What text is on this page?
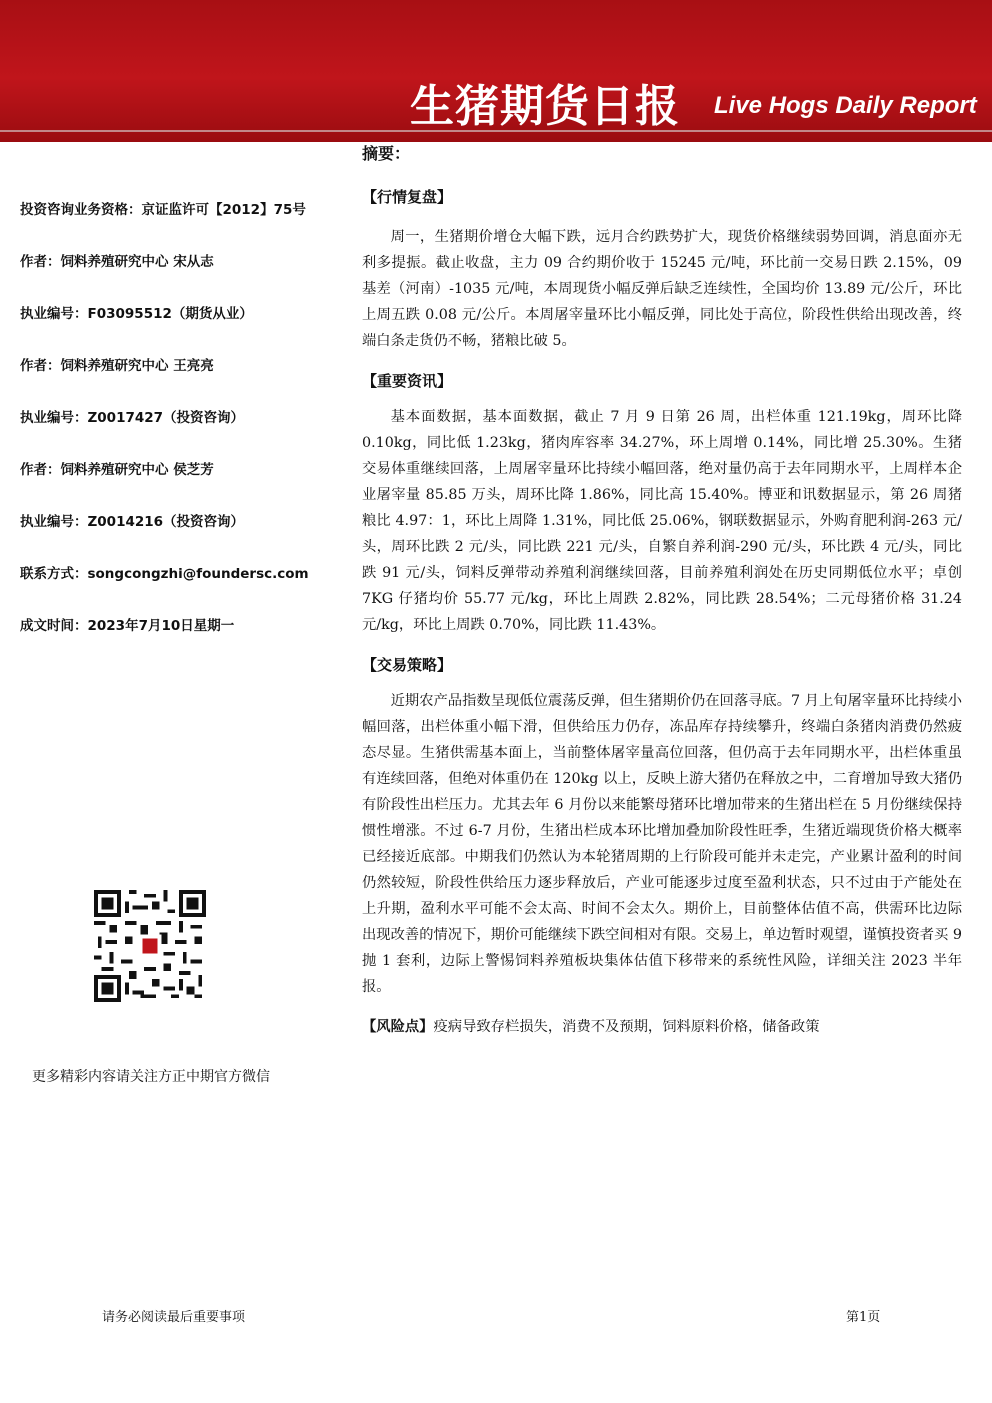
生猪期货日报 Live Hogs Daily Report
投资咨询业务资格：京证监许可【2012】75号
作者：饲料养殖研究中心 宋从志
执业编号：F03095512（期货从业）
作者：饲料养殖研究中心 王亮亮
执业编号：Z0017427（投资咨询）
作者：饲料养殖研究中心 侯芝芳
执业编号：Z0014216（投资咨询）
联系方式：songcongzhi@foundersc.com
成文时间：2023年7月10日星期一
更多精彩内容请关注方正中期官方微信
摘要：
【行情复盘】

周一，生猪期价增仓大幅下跌，远月合约跌势扩大，现货价格继续弱势回调，消息面亦无利多提振。截止收盘，主力 09 合约期价收于 15245 元/吨，环比前一交易日跌 2.15%，09 基差（河南）-1035 元/吨，本周现货小幅反弹后缺乏连续性，全国均价 13.89 元/公斤，环比上周五跌 0.08 元/公斤。本周屠宰量环比小幅反弹，同比处于高位，阶段性供给出现改善，终端白条走货仍不畅，猪粮比破 5。

【重要资讯】

基本面数据，基本面数据，截止 7 月 9 日第 26 周，出栏体重 121.19kg，周环比降 0.10kg，同比低 1.23kg，猪肉库容率 34.27%，环上周增 0.14%，同比增 25.30%。生猪交易体重继续回落，上周屠宰量环比持续小幅回落，绝对量仍高于去年同期水平，上周样本企业屠宰量 85.85 万头，周环比降 1.86%，同比高 15.40%。博亚和讯数据显示，第 26 周猪粮比 4.97：1，环比上周降 1.31%，同比低 25.06%，钢联数据显示，外购育肥利润-263 元/头，周环比跌 2 元/头，同比跌 221 元/头，自繁自养利润-290 元/头，环比跌 4 元/头，同比跌 91 元/头，饲料反弹带动养殖利润继续回落，目前养殖利润处在历史同期低位水平；卓创 7KG 仔猪均价 55.77 元/kg，环比上周跌 2.82%，同比跌 28.54%；二元母猪价格 31.24 元/kg，环比上周跌 0.70%，同比跌 11.43%。

【交易策略】

近期农产品指数呈现低位震荡反弹，但生猪期价仍在回落寻底。7 月上旬屠宰量环比持续小幅回落，出栏体重小幅下滑，但供给压力仍存，冻品库存持续攀升，终端白条猪肉消费仍然疲态尽显。生猪供需基本面上，当前整体屠宰量高位回落，但仍高于去年同期水平，出栏体重虽有连续回落，但绝对体重仍在 120kg 以上，反映上游大猪仍在释放之中，二育增加导致大猪仍有阶段性出栏压力。尤其去年 6 月份以来能繁母猪环比增加带来的生猪出栏在 5 月份继续保持惯性增涨。不过 6-7 月份，生猪出栏成本环比增加叠加阶段性旺季，生猪近端现货价格大概率已经接近底部。中期我们仍然认为本轮猪周期的上行阶段可能并未走完，产业累计盈利的时间仍然较短，阶段性供给压力逐步释放后，产业可能逐步过度至盈利状态，只不过由于产能处在上升期，盈利水平可能不会太高、时间不会太久。期价上，目前整体估值不高，供需环比边际出现改善的情况下，期价可能继续下跌空间相对有限。交易上，单边暂时观望，谨慎投资者买 9 抛 1 套利，边际上警惕饲料养殖板块集体估值下移带来的系统性风险，详细关注 2023 半年报。

【风险点】疫病导致存栏损失，消费不及预期，饲料原料价格，储备政策

请务必阅读最后重要事项	第1页
